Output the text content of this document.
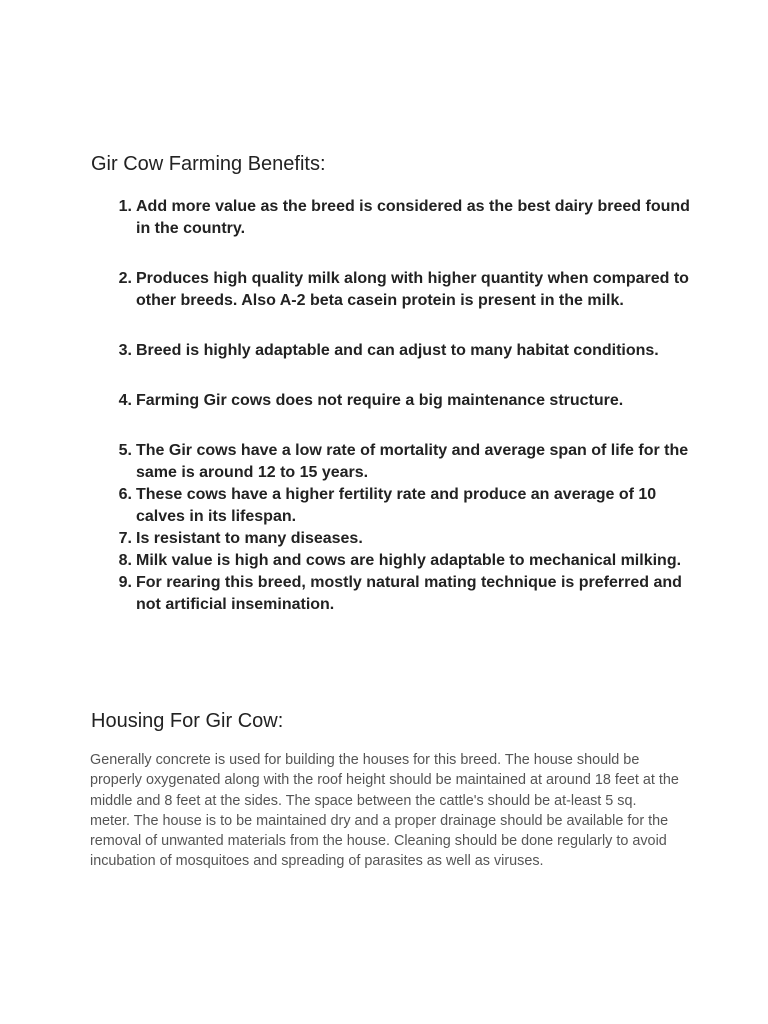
Gir Cow Farming Benefits:
1. Add more value as the breed is considered as the best dairy breed found in the country.
2. Produces high quality milk along with higher quantity when compared to other breeds. Also A-2 beta casein protein is present in the milk.
3. Breed is highly adaptable and can adjust to many habitat conditions.
4. Farming Gir cows does not require a big maintenance structure.
5. The Gir cows have a low rate of mortality and average span of life for the same is around 12 to 15 years.
6. These cows have a higher fertility rate and produce an average of 10 calves in its lifespan.
7. Is resistant to many diseases.
8. Milk value is high and cows are highly adaptable to mechanical milking.
9. For rearing this breed, mostly natural mating technique is preferred and not artificial insemination.
Housing For Gir Cow:

Generally concrete is used for building the houses for this breed. The house should be properly oxygenated along with the roof height should be maintained at around 18 feet at the middle and 8 feet at the sides. The space between the cattle's should be at-least 5 sq. meter. The house is to be maintained dry and a proper drainage should be available for the removal of unwanted materials from the house. Cleaning should be done regularly to avoid incubation of mosquitoes and spreading of parasites as well as viruses.
